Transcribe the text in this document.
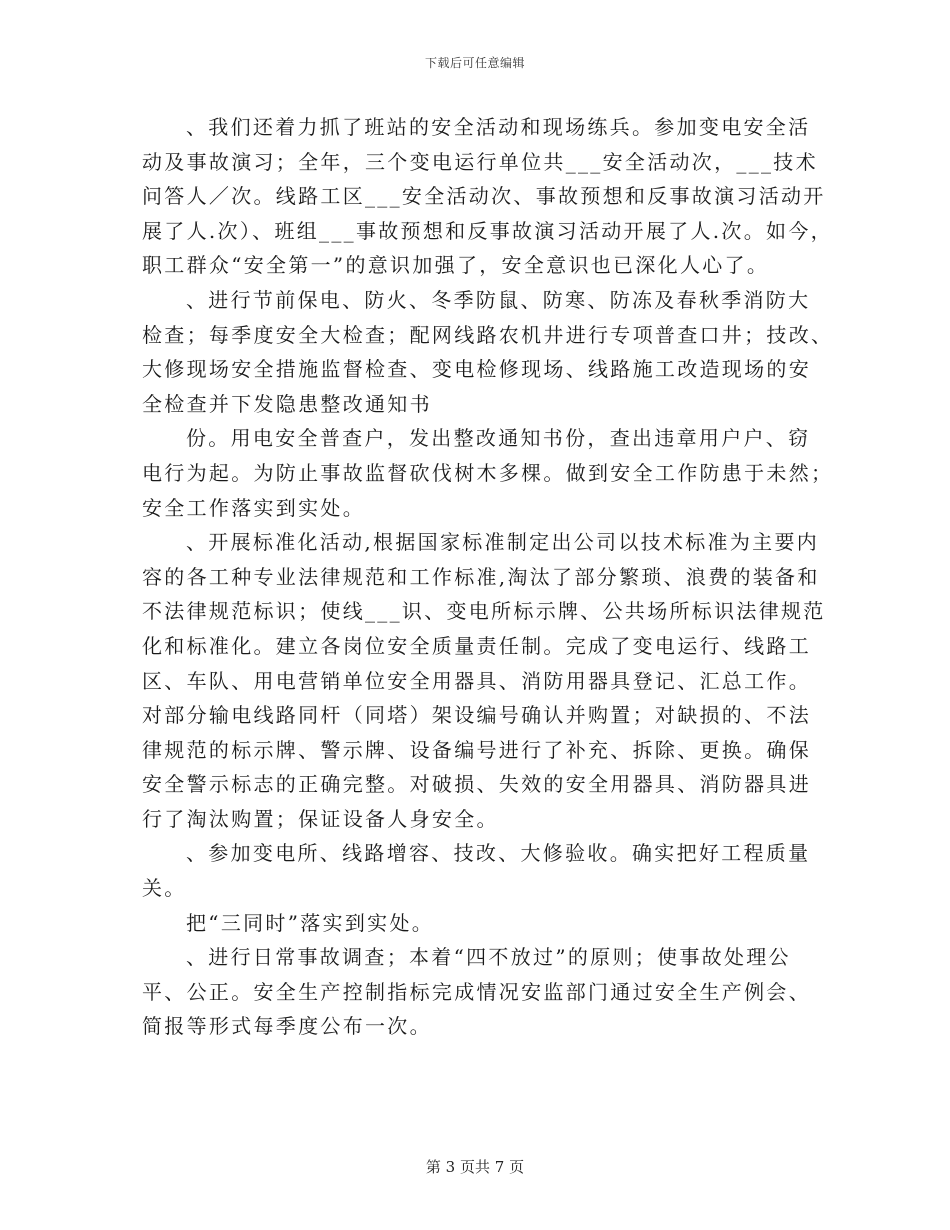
下载后可任意编辑
、我们还着力抓了班站的安全活动和现场练兵。参加变电安全活
动及事故演习；全年，三个变电运行单位共___安全活动次，___技术
问答人／次。线路工区___安全活动次、事故预想和反事故演习活动开
展了人.次）、班组___事故预想和反事故演习活动开展了人.次。如今，
职工群众“安全第一”的意识加强了，安全意识也已深化人心了。
、进行节前保电、防火、冬季防鼠、防寒、防冻及春秋季消防大
检查；每季度安全大检查；配网线路农机井进行专项普查口井；技改、
大修现场安全措施监督检查、变电检修现场、线路施工改造现场的安
全检查并下发隐患整改通知书
份。用电安全普查户，发出整改通知书份，查出违章用户户、窃
电行为起。为防止事故监督砍伐树木多棵。做到安全工作防患于未然；
安全工作落实到实处。
、开展标准化活动,根据国家标准制定出公司以技术标准为主要内
容的各工种专业法律规范和工作标准,淘汰了部分繁琐、浪费的装备和
不法律规范标识；使线___识、变电所标示牌、公共场所标识法律规范
化和标准化。建立各岗位安全质量责任制。完成了变电运行、线路工
区、车队、用电营销单位安全用器具、消防用器具登记、汇总工作。
对部分输电线路同杆（同塔）架设编号确认并购置；对缺损的、不法
律规范的标示牌、警示牌、设备编号进行了补充、拆除、更换。确保
安全警示标志的正确完整。对破损、失效的安全用器具、消防器具进
行了淘汰购置；保证设备人身安全。
、参加变电所、线路增容、技改、大修验收。确实把好工程质量
关。
把“三同时”落实到实处。
、进行日常事故调查；本着“四不放过”的原则；使事故处理公
平、公正。安全生产控制指标完成情况安监部门通过安全生产例会、
简报等形式每季度公布一次。
第 3 页共 7 页
